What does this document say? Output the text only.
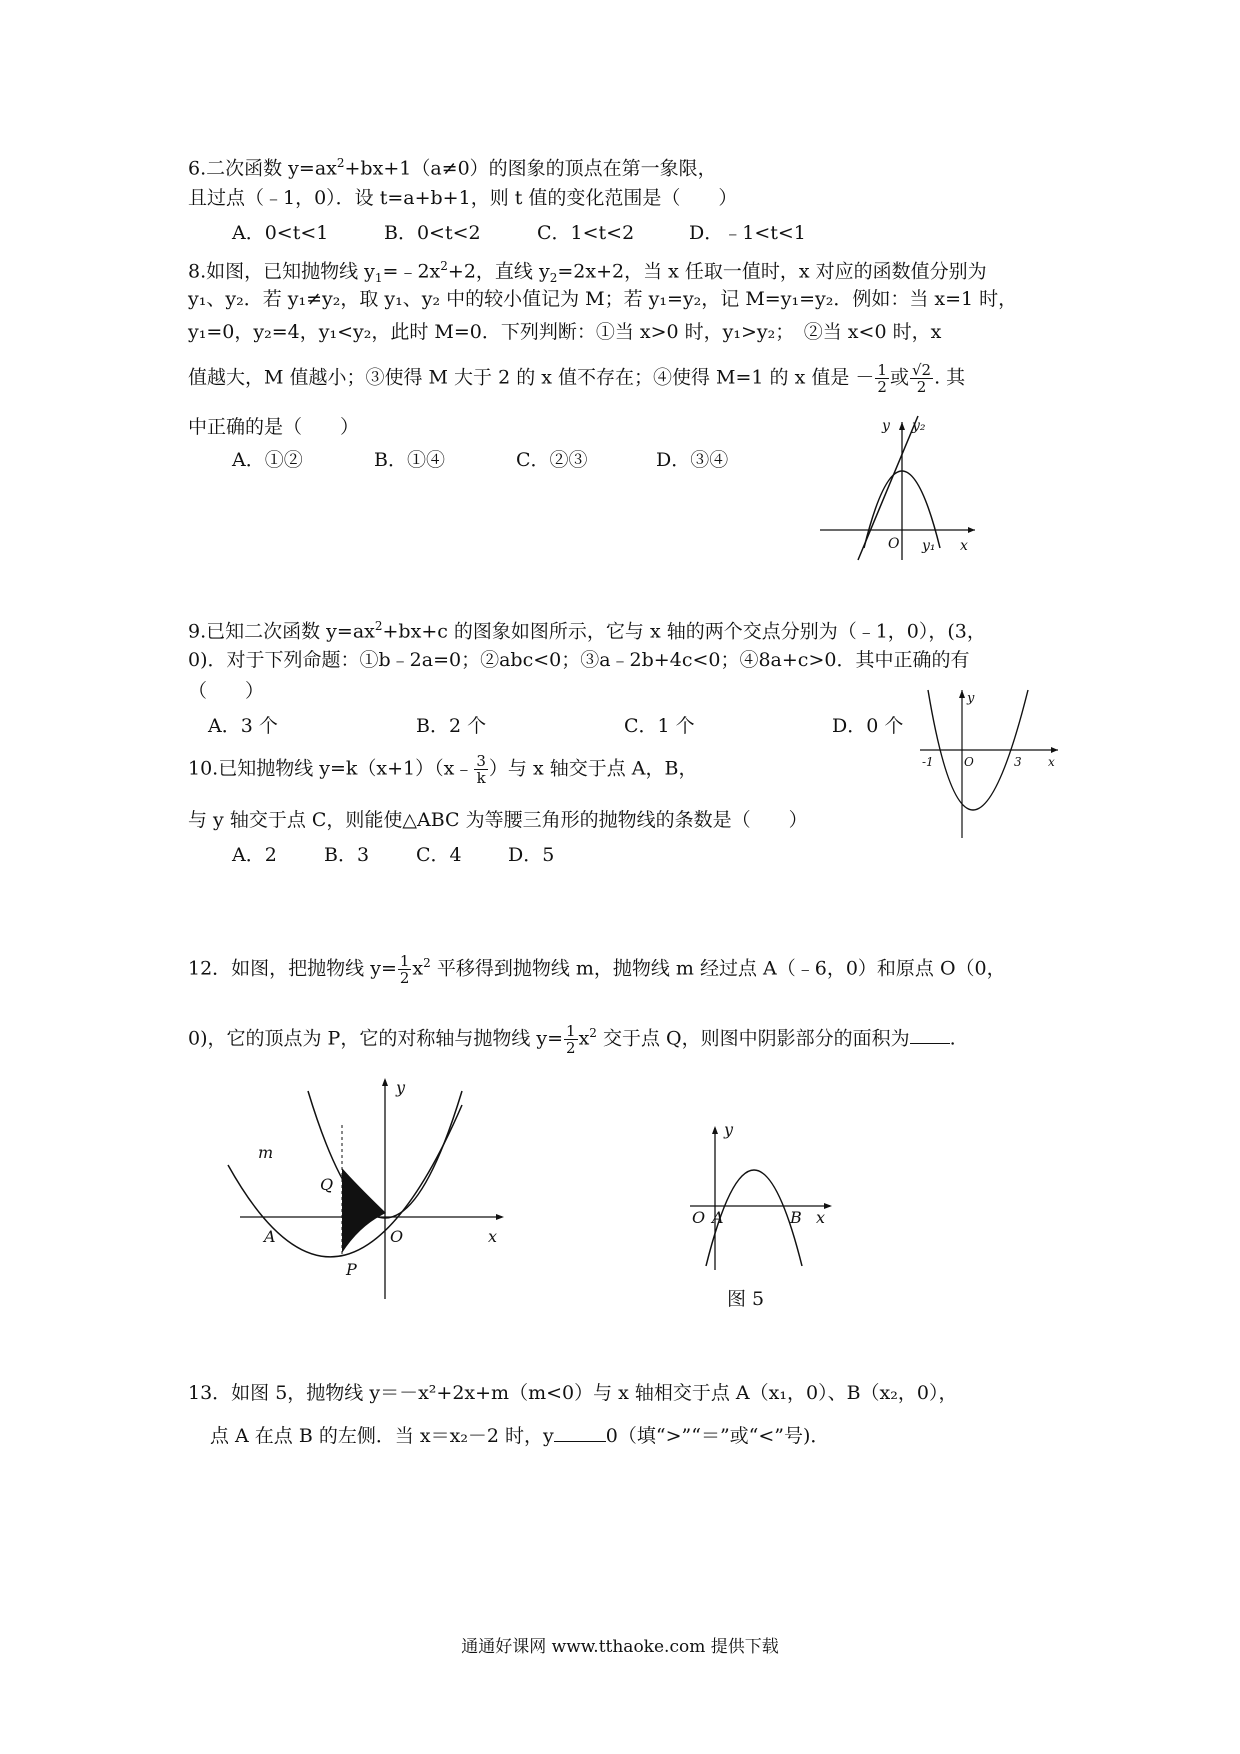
6.二次函数 $y=ax^2+bx+1(a\ne 0)$的图象的顶点在第一象限，
且过点（﹣1，0）．设 t=a+b+1，则 t 值的变化范围是（　　）
A．0<t<1	B．0<t<2	C．1<t<2	D．﹣1<t<1
8.如图，已知抛物线 $y_1=﹣2x^2+2$，直线 $y_2=2x+2$，当 x 任取一值时，x 对应的函数值分别为
y₁、y₂．若 y₁≠y₂，取 y₁、y₂ 中的较小值记为 M；若 y₁=y₂，记 M=y₁=y₂．例如：当 x=1 时，
y₁=0，y₂=4，y₁<y₂，此时 M=0．下列判断：①当 x>0 时，y₁>y₂；　②当 x<0 时，x
值越大，M 值越小；③使得 M 大于 2 的 x 值不存在；④使得 M=1 的 x 值是 － $\frac{1}{2}$ 或 $\frac{√2}{2}$ . 其
中正确的是（　　）
A．①②	B．①④	C．②③	D．③④
y y₂
O y₁ x
9.已知二次函数 $y=ax^2+bx+c$ 的图象如图所示，它与 x 轴的两个交点分别为（﹣1，0），(3，
0)．对于下列命题：①b﹣2a=0；②abc<0；③a﹣2b+4c<0；④8a+c>0．其中正确的有
（　　）
A．3 个	B．2 个	C．1 个	D．0 个
y
-1	O	3 x
10.已知抛物线 y=k（x+1）（x﹣ $\frac{3}{k}$ ）与 x 轴交于点 A，B，
与 y 轴交于点 C，则能使△ABC 为等腰三角形的抛物线的条数是（　　）
A．2 B．3 C．4 D．5
12．如图，把抛物线 $y= \frac{1}{2} x^2$ 平移得到抛物线 m，抛物线 m 经过点 A（﹣6，0）和原点 O（0，
0)，它的顶点为 P，它的对称轴与抛物线 $y= \frac{1}{2} x^2$ 交于点 Q，则图中阴影部分的面积为 .
y
m
Q
A	O	x
P
y
O A	B x
图 5
13．如图 5，抛物线 y＝－x²+2x+m（m<0）与 x 轴相交于点 A（x₁，0）、B（x₂，0），
点 A 在点 B 的左侧．当 x＝x₂－2 时，y	0（填“>”“＝”或“<”号)．
通通好课网 www.tthaoke.com 提供下载
